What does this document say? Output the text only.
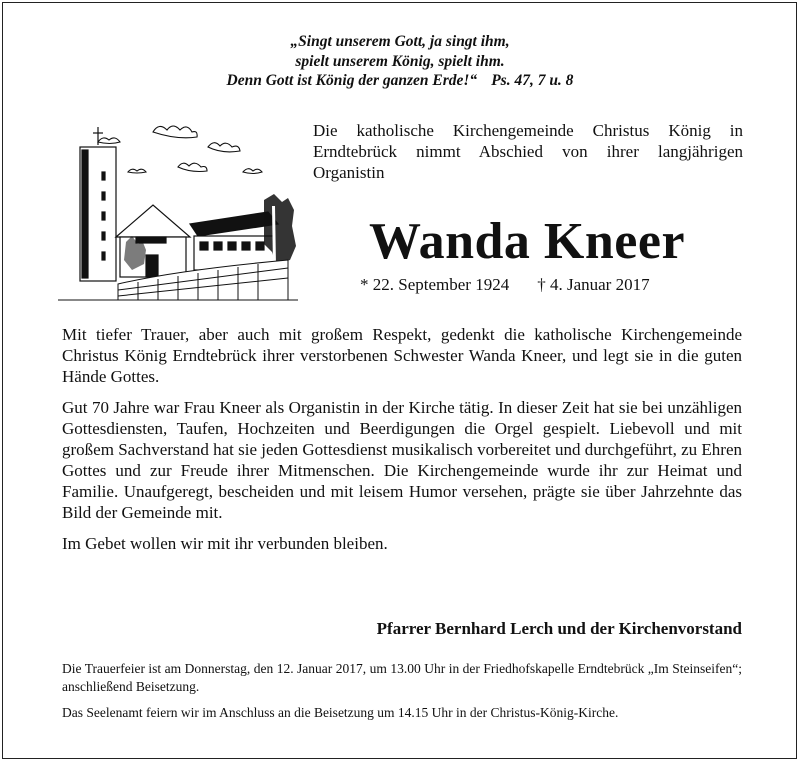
„Singt unserem Gott, ja singt ihm,
spielt unserem König, spielt ihm.
Denn Gott ist König der ganzen Erde!“ Ps. 47, 7 u. 8
Die katholische Kirchengemeinde Christus König in Erndtebrück nimmt Abschied von ihrer langjährigen Organistin
Wanda Kneer
* 22. September 1924 † 4. Januar 2017

Mit tiefer Trauer, aber auch mit großem Respekt, gedenkt die katholische Kirchengemeinde Christus König Erndtebrück ihrer verstorbenen Schwester Wanda Kneer, und legt sie in die guten Hände Gottes.

Gut 70 Jahre war Frau Kneer als Organistin in der Kirche tätig. In dieser Zeit hat sie bei unzähligen Gottesdiensten, Taufen, Hochzeiten und Beerdigungen die Orgel gespielt. Liebevoll und mit großem Sachverstand hat sie jeden Gottesdienst musikalisch vorbereitet und durchgeführt, zu Ehren Gottes und zur Freude ihrer Mitmenschen. Die Kirchengemeinde wurde ihr zur Heimat und Familie. Unaufgeregt, bescheiden und mit leisem Humor versehen, prägte sie über Jahrzehnte das Bild der Gemeinde mit.

Im Gebet wollen wir mit ihr verbunden bleiben.

Pfarrer Bernhard Lerch und der Kirchenvorstand

Die Trauerfeier ist am Donnerstag, den 12. Januar 2017, um 13.00 Uhr in der Friedhofskapelle Erndtebrück „Im Steinseifen“; anschließend Beisetzung.

Das Seelenamt feiern wir im Anschluss an die Beisetzung um 14.15 Uhr in der Christus-König-Kirche.
